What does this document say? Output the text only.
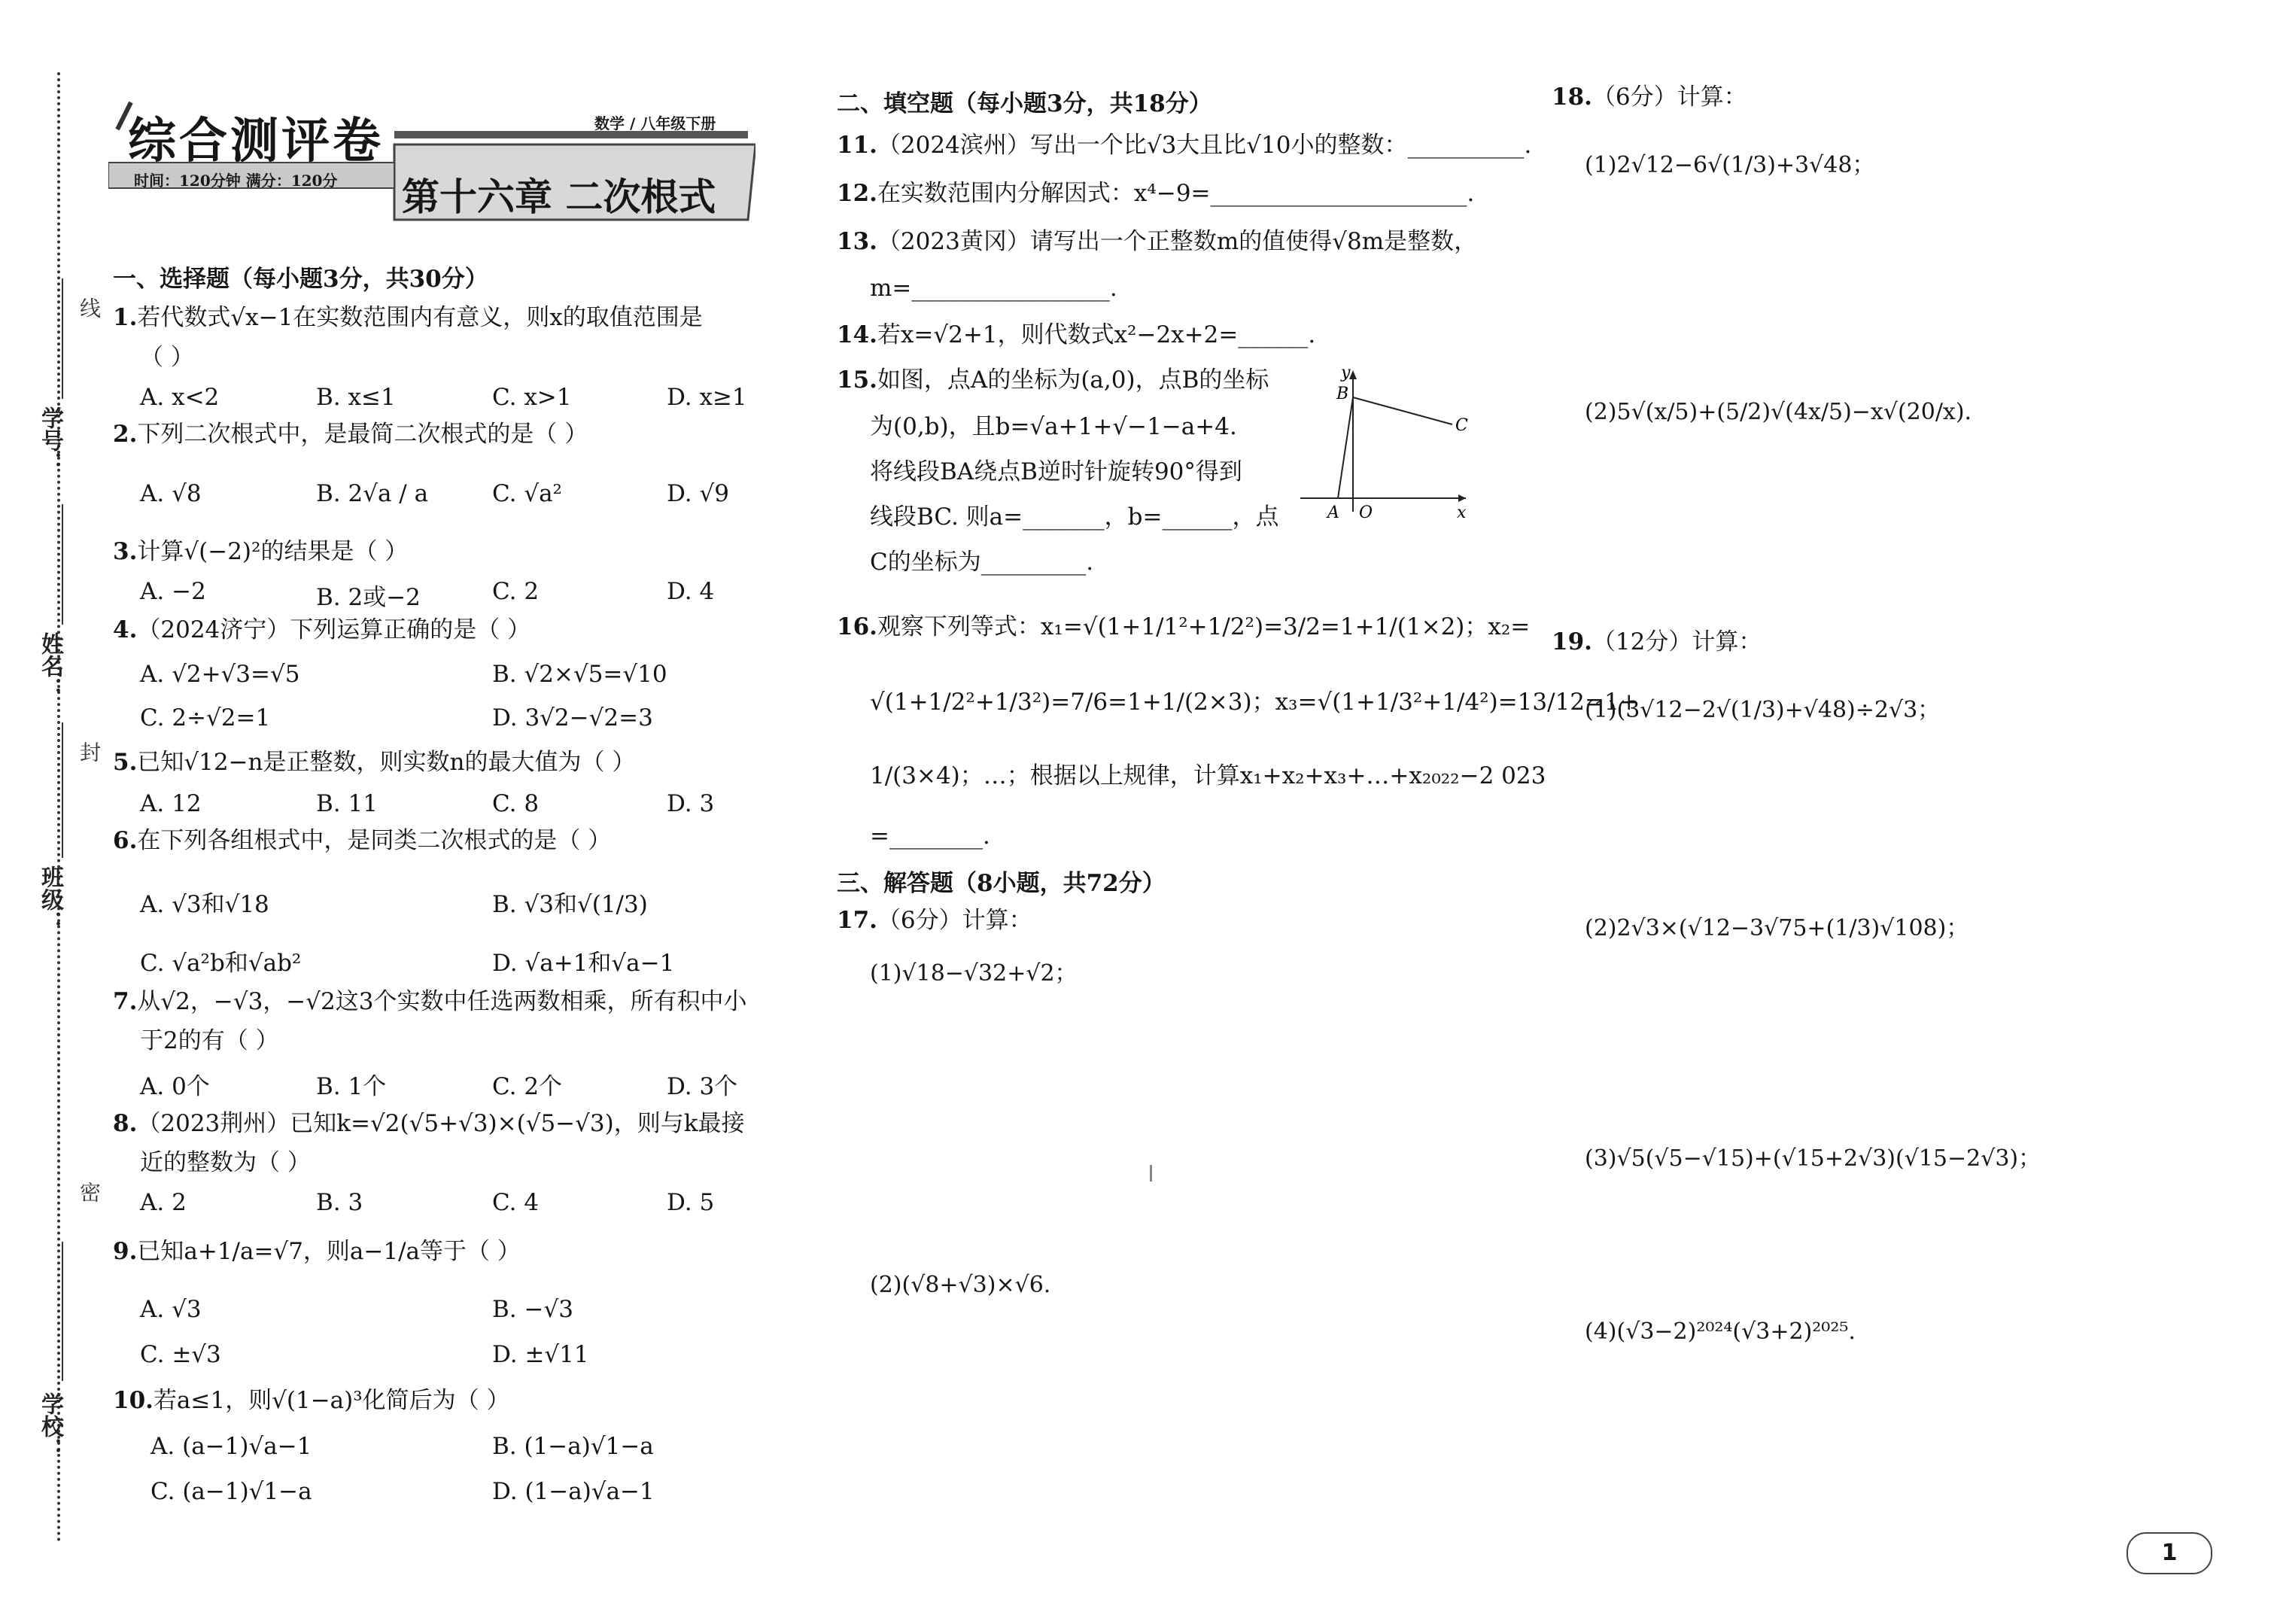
学校：
班级：
姓名：
学号：
线
封
密
综合测评卷	数学 / 八年级下册
时间：120分钟 满分：120分 第十六章 二次根式
一、选择题（每小题3分，共30分）
1.若代数式√x−1在实数范围内有意义，则x的取值范围是
（ ）
A. x<2	B. x≤1	C. x>1	D. x≥1
2.下列二次根式中，是最简二次根式的是（ ）
A. √8	B. 2√a / a	C. √a²	D. √9
3.计算√(−2)²的结果是（ ）
A. −2	B. 2或−2	C. 2	D. 4
4.（2024济宁）下列运算正确的是（ ）
A. √2+√3=√5	B. √2×√5=√10
C. 2÷√2=1	D. 3√2−√2=3
5.已知√12−n是正整数，则实数n的最大值为（ ）
A. 12	B. 11	C. 8	D. 3
6.在下列各组根式中，是同类二次根式的是（ ）
A. √3和√18	B. √3和√(1/3)
C. √a²b和√ab²	D. √a+1和√a−1
7.从√2，−√3，−√2这3个实数中任选两数相乘，所有积中小
于2的有（ ）
A. 0个	B. 1个	C. 2个	D. 3个
8.（2023荆州）已知k=√2(√5+√3)×(√5−√3)，则与k最接
近的整数为（ ）
A. 2	B. 3	C. 4	D. 5
9.已知a+1/a=√7，则a−1/a等于（ ）
A. √3	B. −√3
C. ±√3	D. ±√11
10.若a≤1，则√(1−a)³化简后为（ ）
A. (a−1)√a−1	B. (1−a)√1−a
C. (a−1)√1−a	D. (1−a)√a−1
二、填空题（每小题3分，共18分）
11.（2024滨州）写出一个比√3大且比√10小的整数：__________.
12.在实数范围内分解因式：x⁴−9=______________________.
13.（2023黄冈）请写出一个正整数m的值使得√8m是整数，
m=_________________.
14.若x=√2+1，则代数式x²−2x+2=______.
15.如图，点A的坐标为(a,0)，点B的坐标
为(0,b)，且b=√a+1+√−1−a+4.
将线段BA绕点B逆时针旋转90°得到
线段BC. 则a=_______，b=______，点
C的坐标为_________.
y
B
C
A O	x
16.观察下列等式：x₁=√(1+1/1²+1/2²)=3/2=1+1/(1×2)；x₂=
√(1+1/2²+1/3²)=7/6=1+1/(2×3)；x₃=√(1+1/3²+1/4²)=13/12=1+
1/(3×4)；…；根据以上规律，计算x₁+x₂+x₃+…+x₂₀₂₂−2 023
=________.
三、解答题（8小题，共72分）
17.（6分）计算：
(1)√18−√32+√2；
(2)(√8+√3)×√6.
18.（6分）计算：
(1)2√12−6√(1/3)+3√48；
(2)5√(x/5)+(5/2)√(4x/5)−x√(20/x).
19.（12分）计算：
(1)(3√12−2√(1/3)+√48)÷2√3；
(2)2√3×(√12−3√75+(1/3)√108)；
(3)√5(√5−√15)+(√15+2√3)(√15−2√3)；
(4)(√3−2)²⁰²⁴(√3+2)²⁰²⁵.
1
